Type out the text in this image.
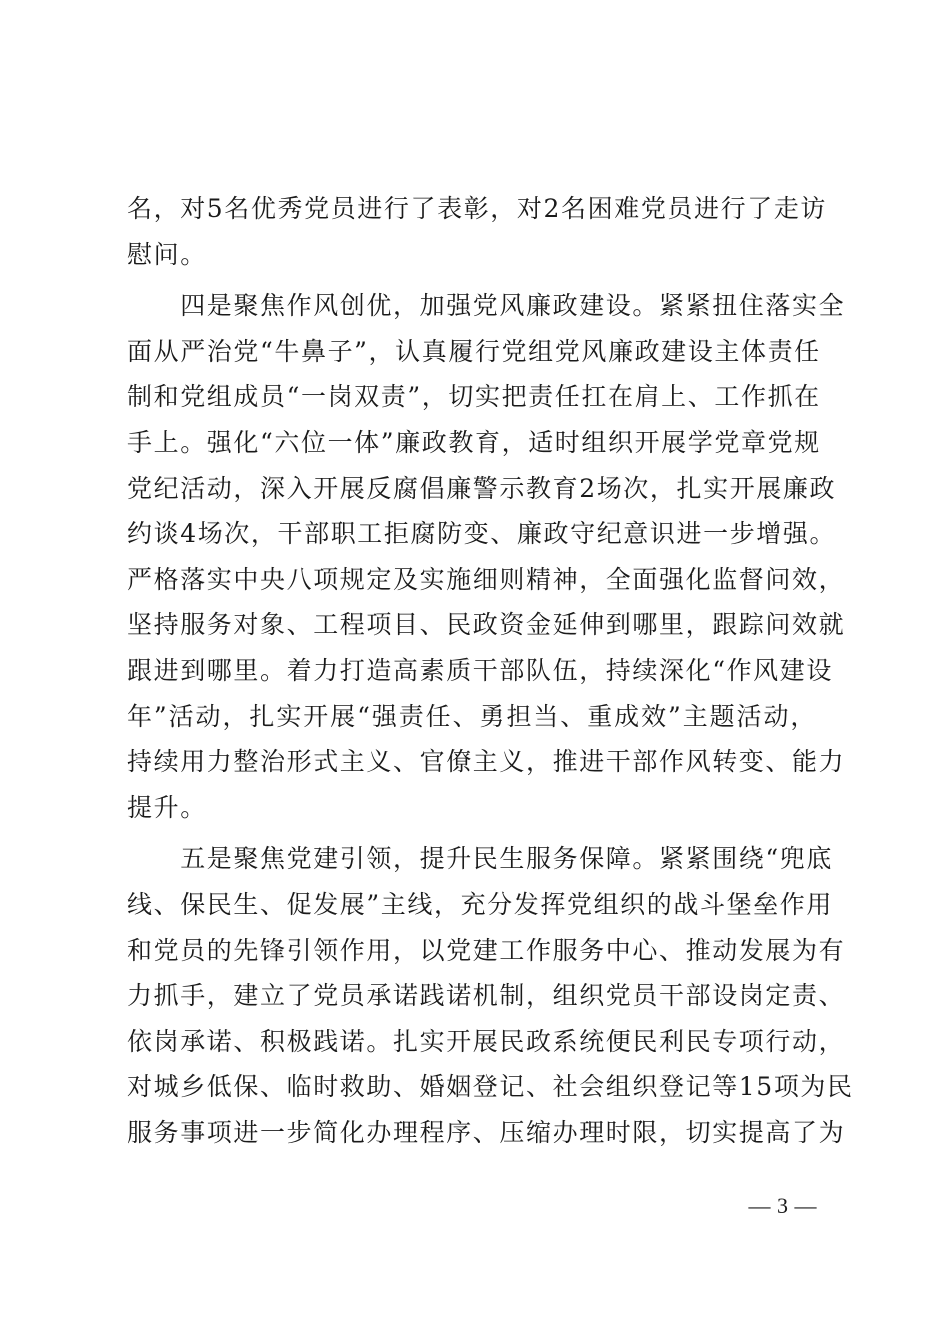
名，对5名优秀党员进行了表彰，对2名困难党员进行了走访
慰问。
　　四是聚焦作风创优，加强党风廉政建设。紧紧扭住落实全
面从严治党“牛鼻子”，认真履行党组党风廉政建设主体责任
制和党组成员“一岗双责”，切实把责任扛在肩上、工作抓在
手上。强化“六位一体”廉政教育，适时组织开展学党章党规
党纪活动，深入开展反腐倡廉警示教育2场次，扎实开展廉政
约谈4场次，干部职工拒腐防变、廉政守纪意识进一步增强。
严格落实中央八项规定及实施细则精神，全面强化监督问效，
坚持服务对象、工程项目、民政资金延伸到哪里，跟踪问效就
跟进到哪里。着力打造高素质干部队伍，持续深化“作风建设
年”活动，扎实开展“强责任、勇担当、重成效”主题活动，
持续用力整治形式主义、官僚主义，推进干部作风转变、能力
提升。
　　五是聚焦党建引领，提升民生服务保障。紧紧围绕“兜底
线、保民生、促发展”主线，充分发挥党组织的战斗堡垒作用
和党员的先锋引领作用，以党建工作服务中心、推动发展为有
力抓手，建立了党员承诺践诺机制，组织党员干部设岗定责、
依岗承诺、积极践诺。扎实开展民政系统便民利民专项行动，
对城乡低保、临时救助、婚姻登记、社会组织登记等15项为民
服务事项进一步简化办理程序、压缩办理时限，切实提高了为
— 3 —
